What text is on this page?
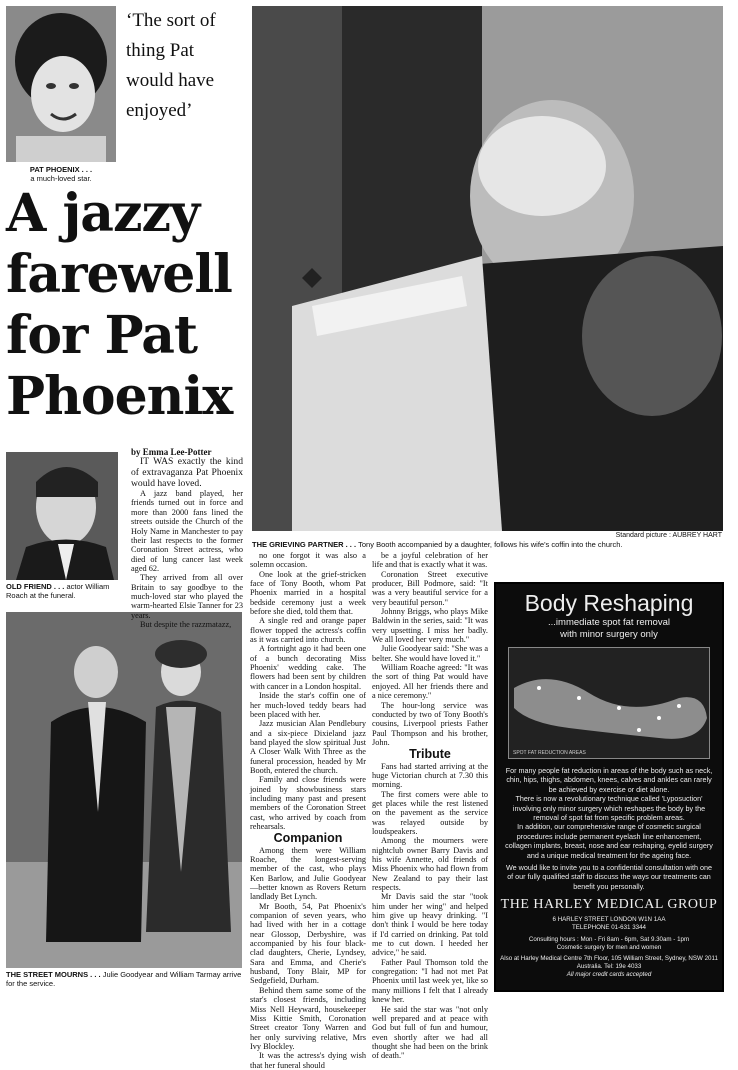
PAT PHOENIX . . .
a much-loved star.
‘The sort of thing Pat would have enjoyed’
A jazzy
farewell
for Pat
Phoenix
Standard picture : AUBREY HART
THE GRIEVING PARTNER . . . Tony Booth accompanied by a daughter, follows his wife's coffin into the church.
OLD FRIEND . . . actor William Roach at the funeral.
THE STREET MOURNS . . . Julie Goodyear and William Tarmay arrive for the service.

by Emma Lee-Potter

IT WAS exactly the kind of extravaganza Pat Phoenix would have loved.

A jazz band played, her friends turned out in force and more than 2000 fans lined the streets outside the Church of the Holy Name in Manchester to pay their last respects to the former Coronation Street actress, who died of lung cancer last week aged 62.

They arrived from all over Britain to say goodbye to the much-loved star who played the warm-hearted Elsie Tanner for 23 years.

But despite the razzmatazz,

no one forgot it was also a solemn occasion.

One look at the grief-stricken face of Tony Booth, whom Pat Phoenix married in a hospital bedside ceremony just a week before she died, told them that.

A single red and orange paper flower topped the actress's coffin as it was carried into church.

A fortnight ago it had been one of a bunch decorating Miss Phoenix' wedding cake. The flowers had been sent by children with cancer in a London hospital.

Inside the star's coffin one of her much-loved teddy bears had been placed with her.

Jazz musician Alan Pendlebury and a six-piece Dixieland jazz band played the slow spiritual Just A Closer Walk With Three as the funeral procession, headed by Mr Booth, entered the church.

Family and close friends were joined by showbusiness stars including many past and present members of the Coronation Street cast, who arrived by coach from rehearsals.

Companion

Among them were William Roache, the longest-serving member of the cast, who plays Ken Barlow, and Julie Goodyear—better known as Rovers Return landlady Bet Lynch.

Mr Booth, 54, Pat Phoenix's companion of seven years, who had lived with her in a cottage near Glossop, Derbyshire, was accompanied by his four black-clad daughters, Cherie, Lyndsey, Sara and Emma, and Cherie's husband, Tony Blair, MP for Sedgefield, Durham.

Behind them same some of the star's closest friends, including Miss Nell Heyward, housekeeper Miss Kittie Smith, Coronation Street creator Tony Warren and her only surviving relative, Mrs Ivy Blockley.

It was the actress's dying wish that her funeral should

be a joyful celebration of her life and that is exactly what it was.

Coronation Street executive producer, Bill Podmore, said: "It was a very beautiful service for a very beautiful person."

Johnny Briggs, who plays Mike Baldwin in the series, said: "It was very upsetting. I miss her badly. We all loved her very much."

Julie Goodyear said: "She was a belter. She would have loved it."

William Roache agreed: "It was the sort of thing Pat would have enjoyed. All her friends there and a nice ceremony."

The hour-long service was conducted by two of Tony Booth's cousins, Liverpool priests Father Paul Thompson and his brother, John.

Tribute

Fans had started arriving at the huge Victorian church at 7.30 this morning.

The first comers were able to get places while the rest listened on the pavement as the service was relayed outside by loudspeakers.

Among the mourners were nightclub owner Barry Davis and his wife Annette, old friends of Miss Phoenix who had flown from New Zealand to pay their last respects.

Mr Davis said the star "took him under her wing" and helped him give up heavy drinking. "I don't think I would be here today if I'd carried on drinking. Pat told me to cut down. I heeded her advice," he said.

Father Paul Thomson told the congregation: "I had not met Pat Phoenix until last week yet, like so many millions I felt that I already knew her.

He said the star was "not only well prepared and at peace with God but full of fun and humour, even shortly after we had all thought she had been on the brink of death."

Body Reshaping
...immediate spot fat removal
with minor surgery only
SPOT FAT REDUCTION AREAS
For many people fat reduction in areas of the body such as neck, chin, hips, thighs, abdomen, knees, calves and ankles can rarely be achieved by exercise or diet alone.
There is now a revolutionary technique called 'Lyposuction' involving only minor surgery which reshapes the body by the removal of spot fat from specific problem areas.
In addition, our comprehensive range of cosmetic surgical procedures include permanent eyelash line enhancement, collagen implants, breast, nose and ear reshaping, eyelid surgery and a unique medical treatment for the ageing face.
We would like to invite you to a confidential consultation with one of our fully qualified staff to discuss the ways our treatments can benefit you personally.
THE HARLEY MEDICAL GROUP
6 HARLEY STREET LONDON W1N 1AA
TELEPHONE 01-631 3344
Consulting hours : Mon - Fri 8am - 6pm, Sat 9.30am - 1pm
Cosmetic surgery for men and women
Also at Harley Medical Centre 7th Floor, 105 William Street, Sydney, NSW 2011 Australia. Tel: 19e 4033
All major credit cards accepted
